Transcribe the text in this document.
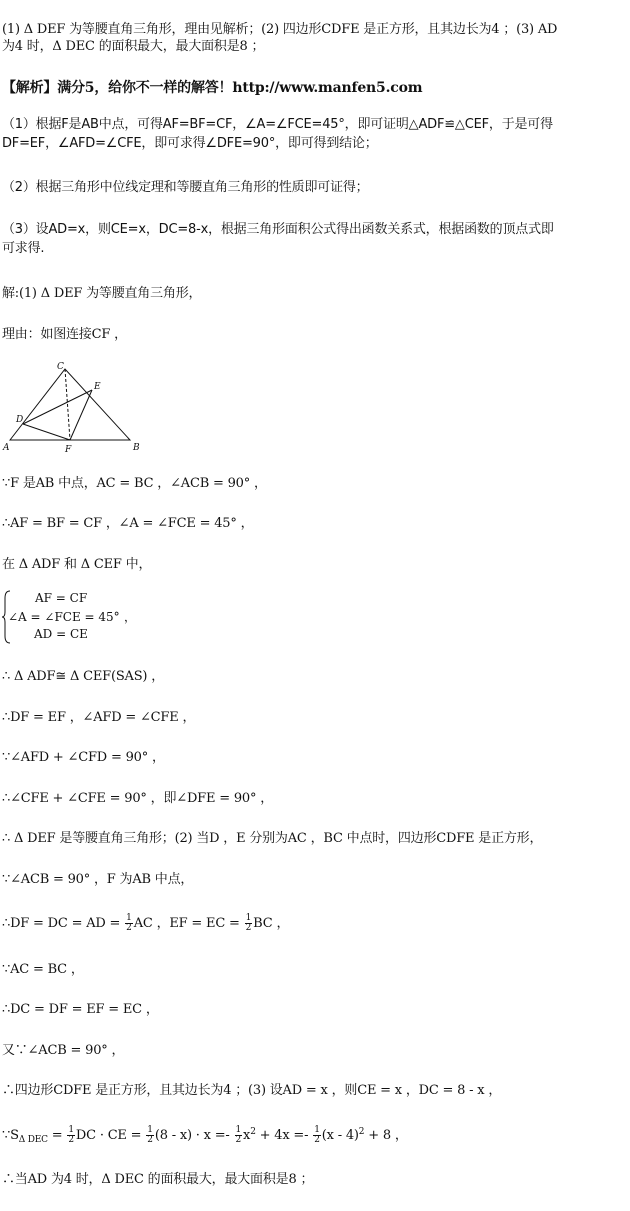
(1) Δ DEF 为等腰直角三角形，理由见解析；(2) 四边形CDFE 是正方形，且其边长为4 ；(3) AD
为4 时，Δ DEC 的面积最大，最大面积是8 ；
【解析】满分5，给你不一样的解答！http://www.manfen5.com
（1）根据F是AB中点，可得AF=BF=CF，∠A=∠FCE=45°，即可证明△ADF≌△CEF，于是可得
DF=EF，∠AFD=∠CFE，即可求得∠DFE=90°，即可得到结论；
（2）根据三角形中位线定理和等腰直角三角形的性质即可证得；
（3）设AD=x，则CE=x，DC=8-x，根据三角形面积公式得出函数关系式，根据函数的顶点式即
可求得.
解:(1) Δ DEF 为等腰直角三角形，
理由：如图连接CF ，
A	B
C
D
E
F
∵F 是AB 中点，AC = BC ，∠ACB = 90° ，
∴AF = BF = CF ，∠A = ∠FCE = 45° ，
在 Δ ADF 和 Δ CEF 中，
AF = CF
∠A = ∠FCE = 45°
AD = CE
，
∴ Δ ADF≅ Δ CEF(SAS) ，
∴DF = EF ，∠AFD = ∠CFE ，
∵∠AFD + ∠CFD = 90° ，
∴∠CFE + ∠CFE = 90° ，即∠DFE = 90° ，
∴ Δ DEF 是等腰直角三角形；(2) 当D ，E 分别为AC ，BC 中点时，四边形CDFE 是正方形，
∵∠ACB = 90° ，F 为AB 中点，
∴DF = DC = AD = $\frac{1}{2}$ AC ，EF = EC = $\frac{1}{2}$ BC ，
∵AC = BC ，
∴DC = DF = EF = EC ，
又∵∠ACB = 90° ，
∴四边形CDFE 是正方形，且其边长为4 ；(3) 设AD = x ，则CE = x ，DC = 8 - x ，
$\because S_{\Delta DEC} = \frac{1}{2}$ DC · CE = $\frac{1}{2} (8 - x) \cdot x =- \frac{1}{2} x^2 + 4x =- \frac{1}{2} (x - 4)^2 + 8$ ，
∴当AD 为4 时，Δ DEC 的面积最大，最大面积是8 ；
